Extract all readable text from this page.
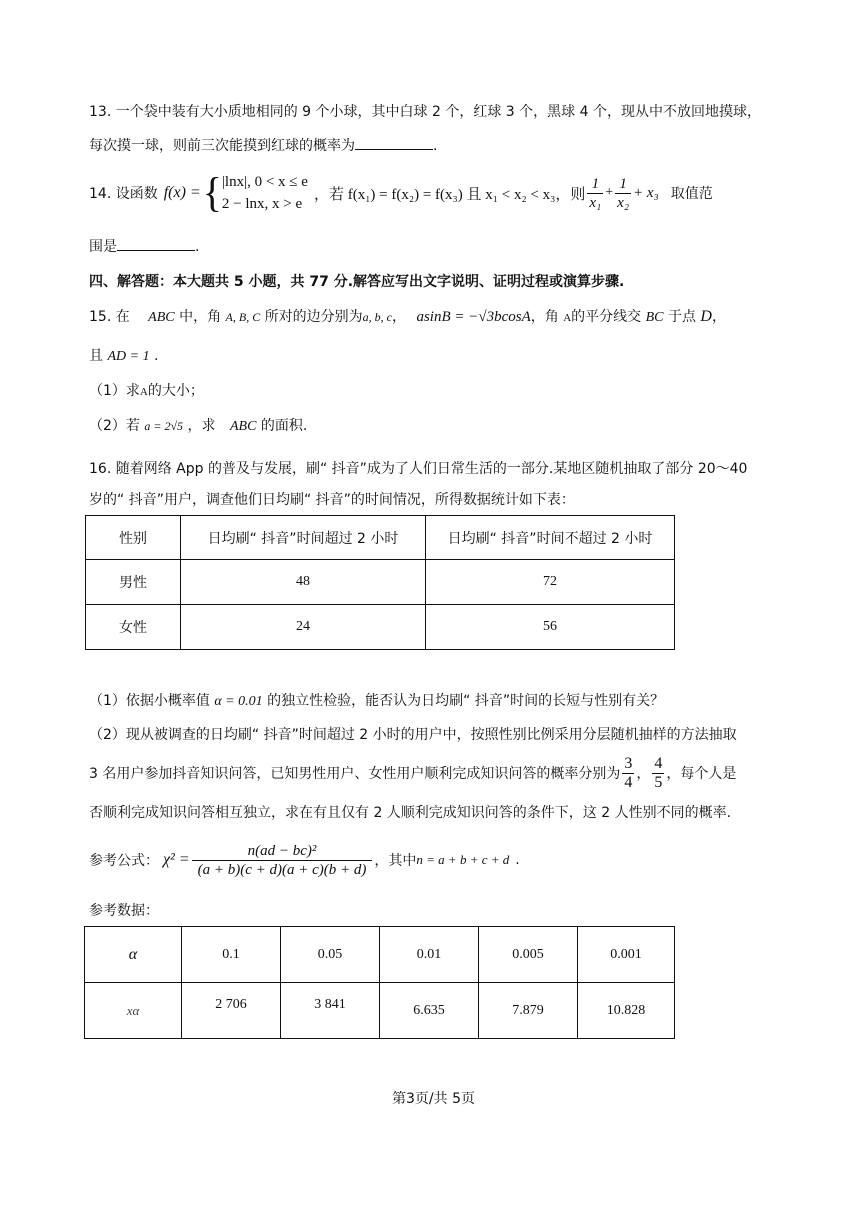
13. 一个袋中装有大小质地相同的 9 个小球，其中白球 2 个，红球 3 个，黑球 4 个，现从中不放回地摸球，
每次摸一球，则前三次能摸到红球的概率为	.
14. 设函数 f(x) = { |lnx|, 0 < x ≤ e
2 − lnx, x > e
，若 f(x₁) = f(x₂) = f(x₃) 且 x₁ < x₂ < x₃，则 $\frac{1}{\text{x₁}} + \frac{1}{\text{x₂}} + x_3$ 取值范
围是	.
四、解答题：本大题共 5 小题，共 77 分.解答应写出文字说明、证明过程或演算步骤.
15. 在 ABC 中，角 A, B, C 所对的边分别为a, b, c， asinB = −√3bcosA，角 A的平分线交 BC 于点 D，
且 AD = 1 .
（1）求A的大小；
（2）若 a = 2√5 ，求 ABC 的面积.
16. 随着网络 App 的普及与发展，刷“ 抖音”成为了人们日常生活的一部分.某地区随机抽取了部分 20～40
岁的“ 抖音”用户，调查他们日均刷“ 抖音”的时间情况，所得数据统计如下表：
性别	日均刷“ 抖音”时间超过 2 小时	日均刷“ 抖音”时间不超过 2 小时
男性	48	72
女性	24	56
（1）依据小概率值 α = 0.01 的独立性检验，能否认为日均刷“ 抖音”时间的长短与性别有关？
（2）现从被调查的日均刷“ 抖音”时间超过 2 小时的用户中，按照性别比例采用分层随机抽样的方法抽取
3 名用户参加抖音知识问答，已知男性用户、女性用户顺利完成知识问答的概率分别为 $\frac{3}{4}$ ， $\frac{4}{5}$ ，每个人是
否顺利完成知识问答相互独立，求在有且仅有 2 人顺利完成知识问答的条件下，这 2 人性别不同的概率.
参考公式： $\chi^2 = \frac{\text{n(ad − bc)²}}{(a + b)(c + d)(a + c)(b + d)}$ ，其中 n = a + b + c + d .
参考数据：
α	0.1	0.05	0.01	0.005	0.001
xα	2 706	3 841	6.635	7.879	10.828
第3页/共 5页
